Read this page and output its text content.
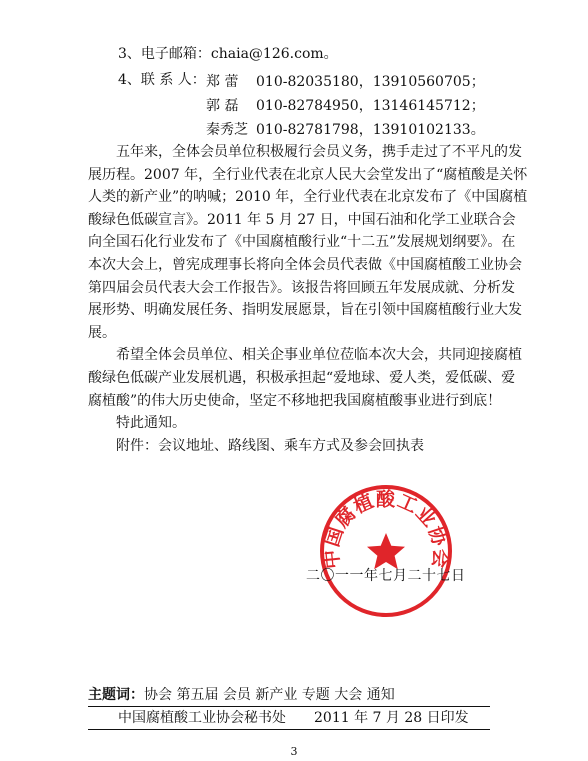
3、电子邮箱：chaia@126.com。
4、联 系 人： 郑 蕾 010-82035180，13910560705；
郭 磊 010-82784950，13146145712；
秦秀芝 010-82781798，13910102133。

五年来，全体会员单位积极履行会员义务，携手走过了不平凡的发展历程。2007 年，全行业代表在北京人民大会堂发出了“腐植酸是关怀人类的新产业”的呐喊；2010 年，全行业代表在北京发布了《中国腐植酸绿色低碳宣言》。2011 年 5 月 27 日，中国石油和化学工业联合会向全国石化行业发布了《中国腐植酸行业“十二五”发展规划纲要》。在本次大会上，曾宪成理事长将向全体会员代表做《中国腐植酸工业协会第四届会员代表大会工作报告》。该报告将回顾五年发展成就、分析发展形势、明确发展任务、指明发展愿景，旨在引领中国腐植酸行业大发展。

希望全体会员单位、相关企事业单位莅临本次大会，共同迎接腐植酸绿色低碳产业发展机遇，积极承担起“爱地球、爱人类，爱低碳、爱腐植酸”的伟大历史使命，坚定不移地把我国腐植酸事业进行到底！

特此通知。

附件：会议地址、路线图、乘车方式及参会回执表

中国腐植酸工业协会
二〇一一年七月二十七日
主题词：协会 第五届 会员 新产业 专题 大会 通知
中国腐植酸工业协会秘书处 2011 年 7 月 28 日印发
3
